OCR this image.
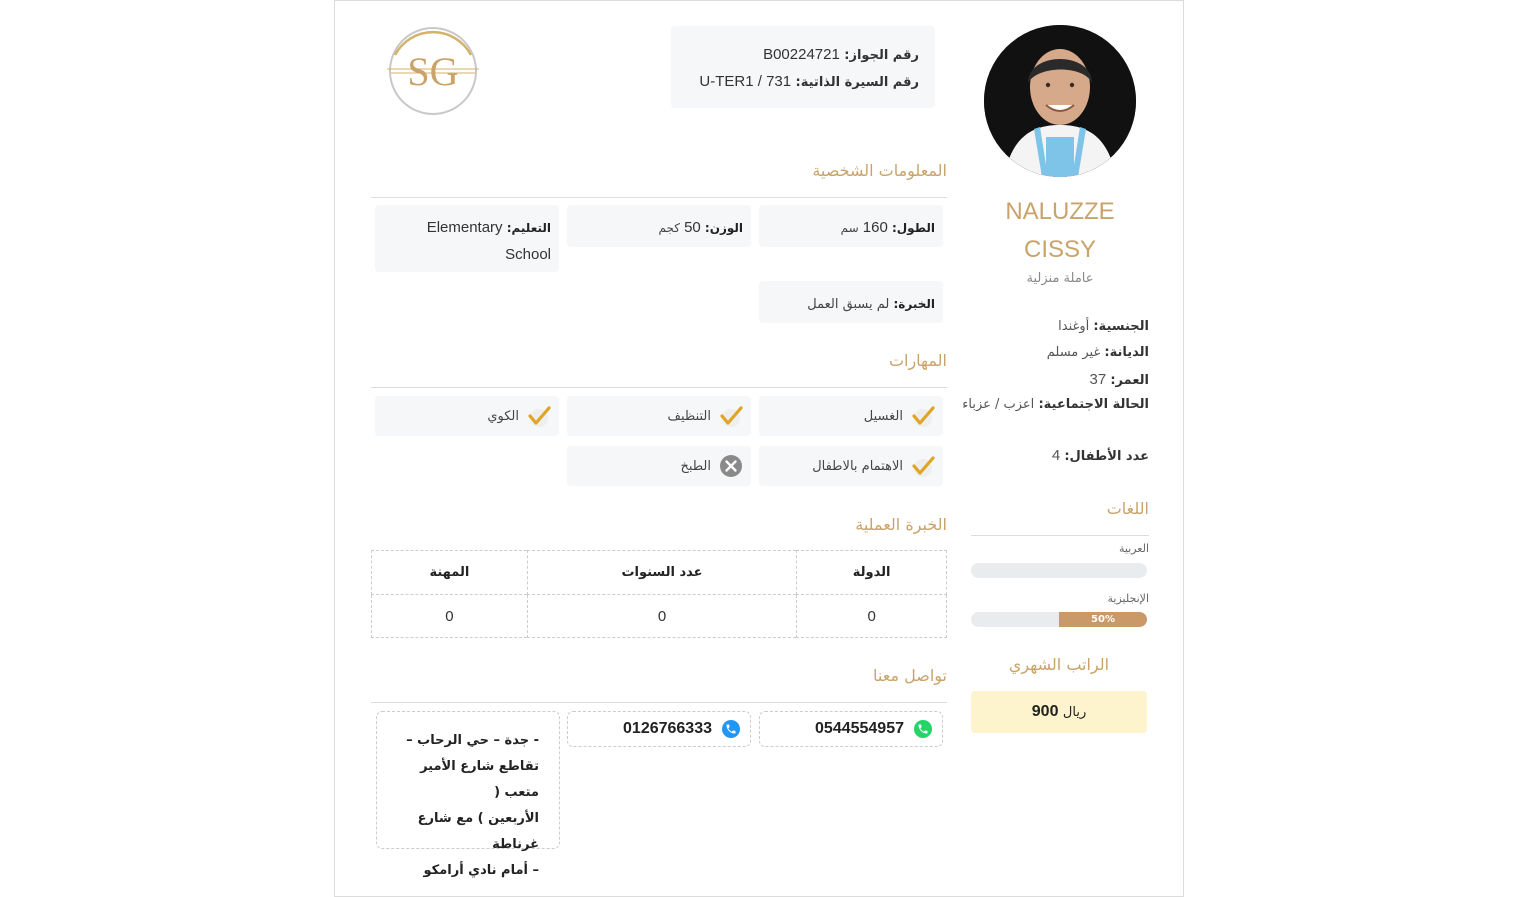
SG	رقم الجواز: B00224721
رقم السيرة الذاتية: U-TER1 / 731
المعلومات الشخصية
الطول: 160 سم
الوزن: 50 كجم
التعليم: Elementary School
الخبرة: لم يسبق العمل
المهارات
الغسيل
التنظيف
الكوي
الاهتمام بالاطفال
الطبخ
الخبرة العملية
الدولة	عدد السنوات	المهنة
0	0	0
تواصل معنا
0544554957
0126766333
- جدة – حي الرحاب –
تقاطع شارع الأمير متعب (
الأربعين ) مع شارع غرناطة
– أمام نادي أرامكو
NALUZZE
CISSY
عاملة منزلية
الجنسية: أوغندا
الديانة: غير مسلم
العمر: 37
الحالة الاجتماعية: اعزب / عزباء
عدد الأطفال: 4
اللغات
العربية
الإنجليزية
50%
الراتب الشهري
900 ريال
